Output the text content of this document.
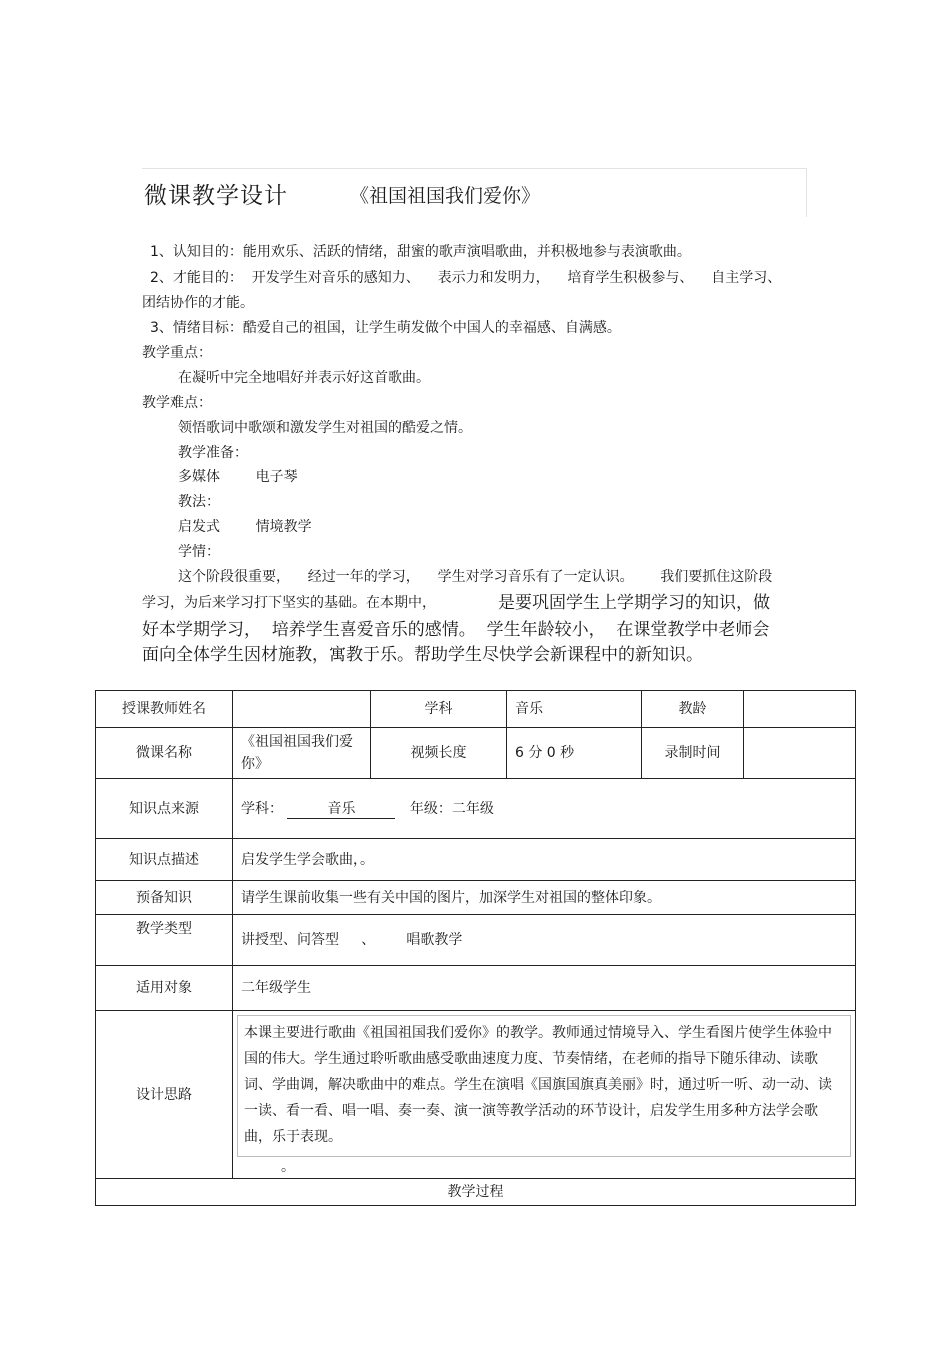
微课教学设计	《祖国祖国我们爱你》
1、认知目的：能用欢乐、活跃的情绪，甜蜜的歌声演唱歌曲，并积极地参与表演歌曲。
2、才能目的：  开发学生对音乐的感知力、    表示力和发明力，    培育学生积极参与、    自主学习、
团结协作的才能。
3、情绪目标：酷爱自己的祖国，让学生萌发做个中国人的幸福感、自满感。
教学重点：
在凝听中完全地唱好并表示好这首歌曲。
教学难点：
领悟歌词中歌颂和激发学生对祖国的酷爱之情。
教学准备：
多媒体        电子琴
教法：
启发式        情境教学
学情：
这个阶段很重要，    经过一年的学习，    学生对学习音乐有了一定认识。      我们要抓住这阶段
学习，为后来学习打下坚实的基础。在本期中，	是要巩固学生上学期学习的知识，做
好本学期学习，  培养学生喜爱音乐的感情。  学生年龄较小，  在课堂教学中老师会
面向全体学生因材施教，寓教于乐。帮助学生尽快学会新课程中的新知识。
授课教师姓名		学科	音乐	教龄	
微课名称	《祖国祖国我们爱你》	视频长度	6 分 0 秒	录制时间	
知识点来源	学科： 音乐 年级：二年级				
知识点描述	启发学生学会歌曲，。				
预备知识	请学生课前收集一些有关中国的图片，加深学生对祖国的整体印象。				
教学类型	讲授型、问答型     、       唱歌教学				
适用对象	二年级学生				
设计思路	本课主要进行歌曲《祖国祖国我们爱你》的教学。教师通过情境导入、学生看图片使学生体验中国的伟大。学生通过聆听歌曲感受歌曲速度力度、节奏情绪，在老师的指导下随乐律动、读歌词、学曲调，解决歌曲中的难点。学生在演唱《国旗国旗真美丽》时，通过听一听、动一动、读一读、看一看、唱一唱、奏一奏、演一演等教学活动的环节设计，启发学生用多种方法学会歌曲，乐于表现。
。				

教学过程					
